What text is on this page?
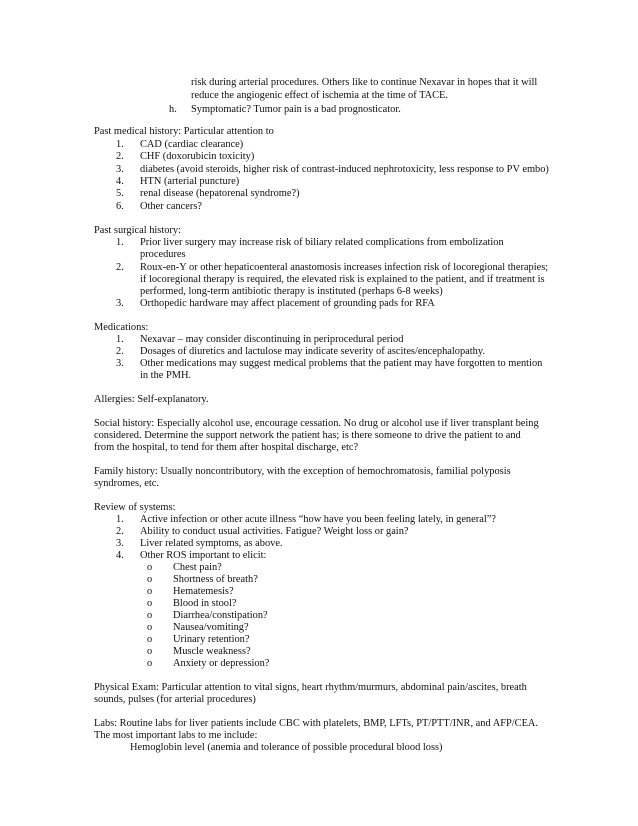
risk during arterial procedures. Others like to continue Nexavar in hopes that it will
reduce the angiogenic effect of ischemia at the time of TACE.
h. Symptomatic? Tumor pain is a bad prognosticator.
Past medical history: Particular attention to
1. CAD (cardiac clearance)
2. CHF (doxorubicin toxicity)
3. diabetes (avoid steroids, higher risk of contrast-induced nephrotoxicity, less response to PV embo)
4. HTN (arterial puncture)
5. renal disease (hepatorenal syndrome?)
6. Other cancers?
Past surgical history:
1. Prior liver surgery may increase risk of biliary related complications from embolization
procedures
2. Roux-en-Y or other hepaticoenteral anastomosis increases infection risk of locoregional therapies;
if locoregional therapy is required, the elevated risk is explained to the patient, and if treatment is
performed, long-term antibiotic therapy is instituted (perhaps 6-8 weeks)
3. Orthopedic hardware may affect placement of grounding pads for RFA
Medications:
1. Nexavar – may consider discontinuing in periprocedural period
2. Dosages of diuretics and lactulose may indicate severity of ascites/encephalopathy.
3. Other medications may suggest medical problems that the patient may have forgotten to mention
in the PMH.
Allergies: Self-explanatory.
Social history: Especially alcohol use, encourage cessation. No drug or alcohol use if liver transplant being
considered. Determine the support network the patient has; is there someone to drive the patient to and
from the hospital, to tend for them after hospital discharge, etc?
Family history: Usually noncontributory, with the exception of hemochromatosis, familial polyposis
syndromes, etc.
Review of systems:
1. Active infection or other acute illness “how have you been feeling lately, in general”?
2. Ability to conduct usual activities. Fatigue? Weight loss or gain?
3. Liver related symptoms, as above.
4. Other ROS important to elicit:
o Chest pain?
o Shortness of breath?
o Hematemesis?
o Blood in stool?
o Diarrhea/constipation?
o Nausea/vomiting?
o Urinary retention?
o Muscle weakness?
o Anxiety or depression?
Physical Exam: Particular attention to vital signs, heart rhythm/murmurs, abdominal pain/ascites, breath
sounds, pulses (for arterial procedures)
Labs: Routine labs for liver patients include CBC with platelets, BMP, LFTs, PT/PTT/INR, and AFP/CEA.
The most important labs to me include:
Hemoglobin level (anemia and tolerance of possible procedural blood loss)
